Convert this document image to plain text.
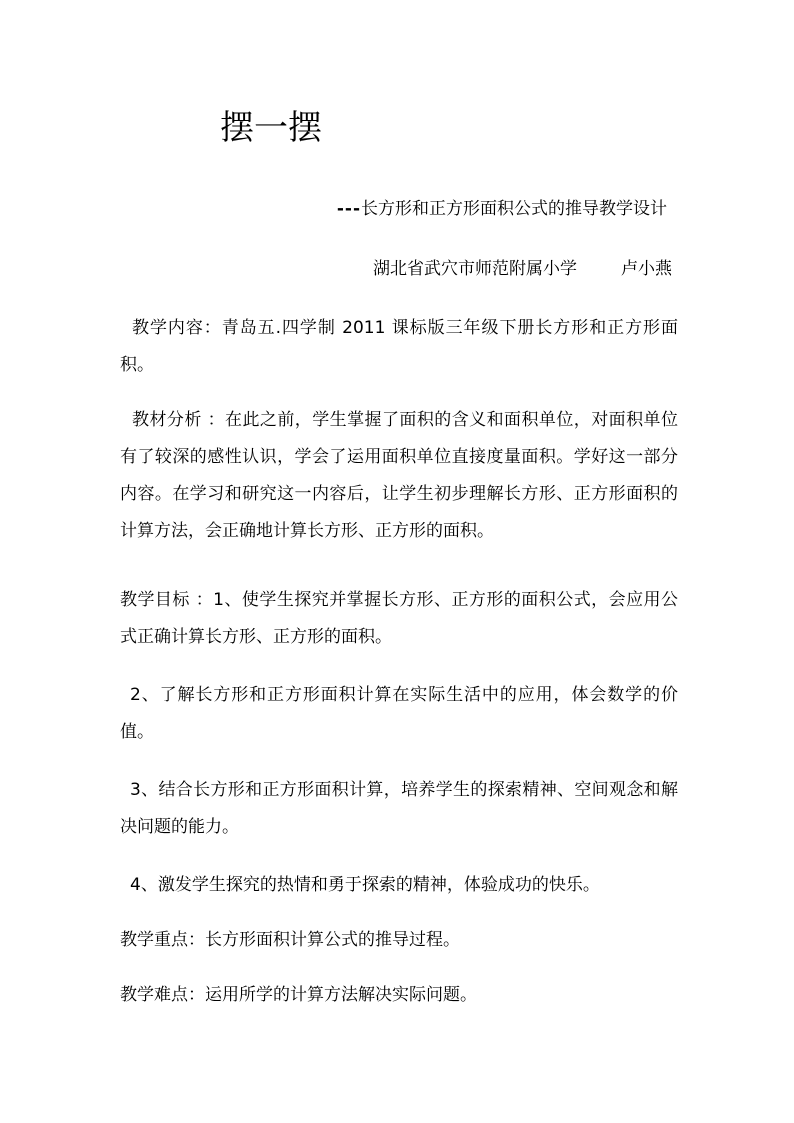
摆一摆
---长方形和正方形面积公式的推导教学设计
湖北省武穴市师范附属小学	卢小燕
教学内容：青岛五.四学制 2011 课标版三年级下册长方形和正方形面积。
教材分析 ：在此之前，学生掌握了面积的含义和面积单位，对面积单位有了较深的感性认识，学会了运用面积单位直接度量面积。学好这一部分内容。在学习和研究这一内容后，让学生初步理解长方形、正方形面积的计算方法，会正确地计算长方形、正方形的面积。
教学目标 ：1、使学生探究并掌握长方形、正方形的面积公式，会应用公式正确计算长方形、正方形的面积。
2、了解长方形和正方形面积计算在实际生活中的应用，体会数学的价值。
3、结合长方形和正方形面积计算，培养学生的探索精神、空间观念和解决问题的能力。
4、激发学生探究的热情和勇于探索的精神，体验成功的快乐。
教学重点：长方形面积计算公式的推导过程。
教学难点：运用所学的计算方法解决实际问题。
